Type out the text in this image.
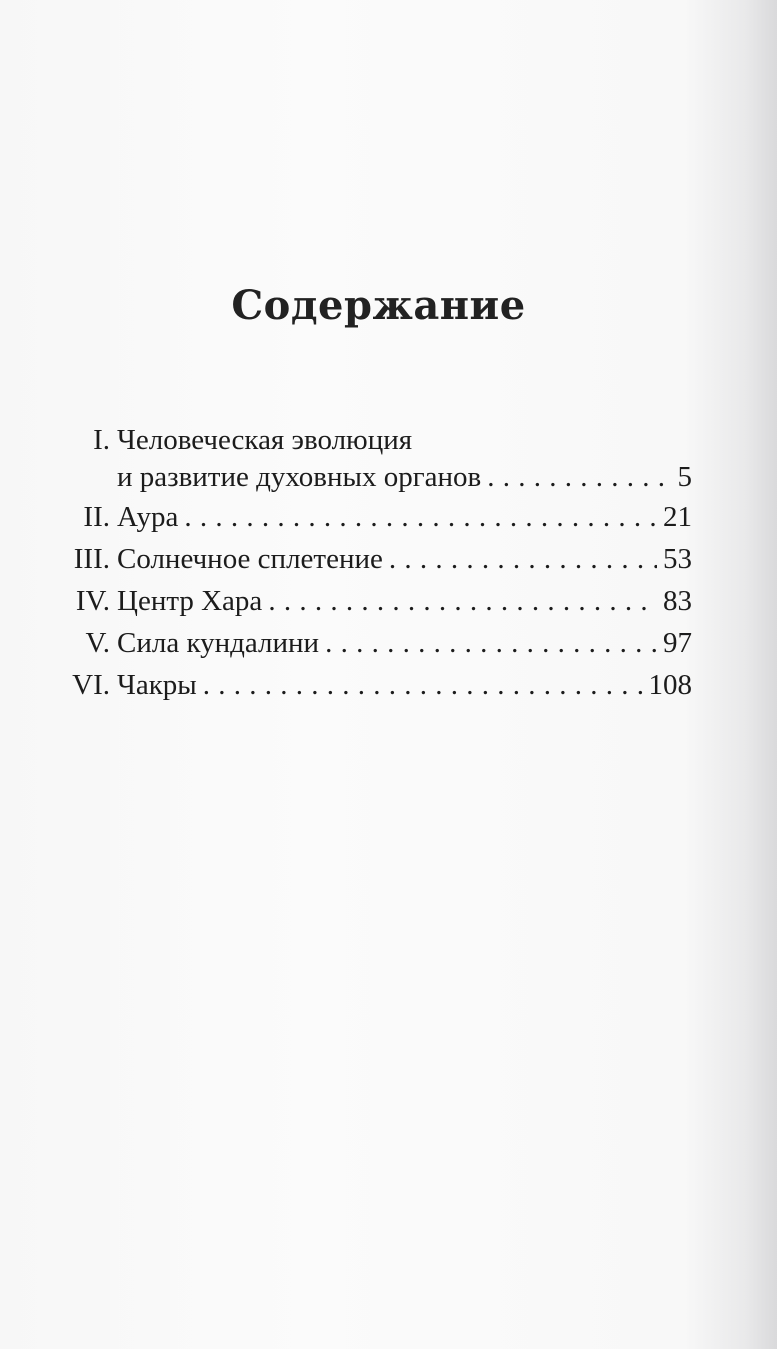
Содержание
I. Человеческая эволюция
и развитие духовных органов . . .	5
II. Аура . . .	21
III. Солнечное сплетение . . .	53
IV. Центр Хара . . .	83
V. Сила кундалини . . .	97
VI. Чакры . . .	108
